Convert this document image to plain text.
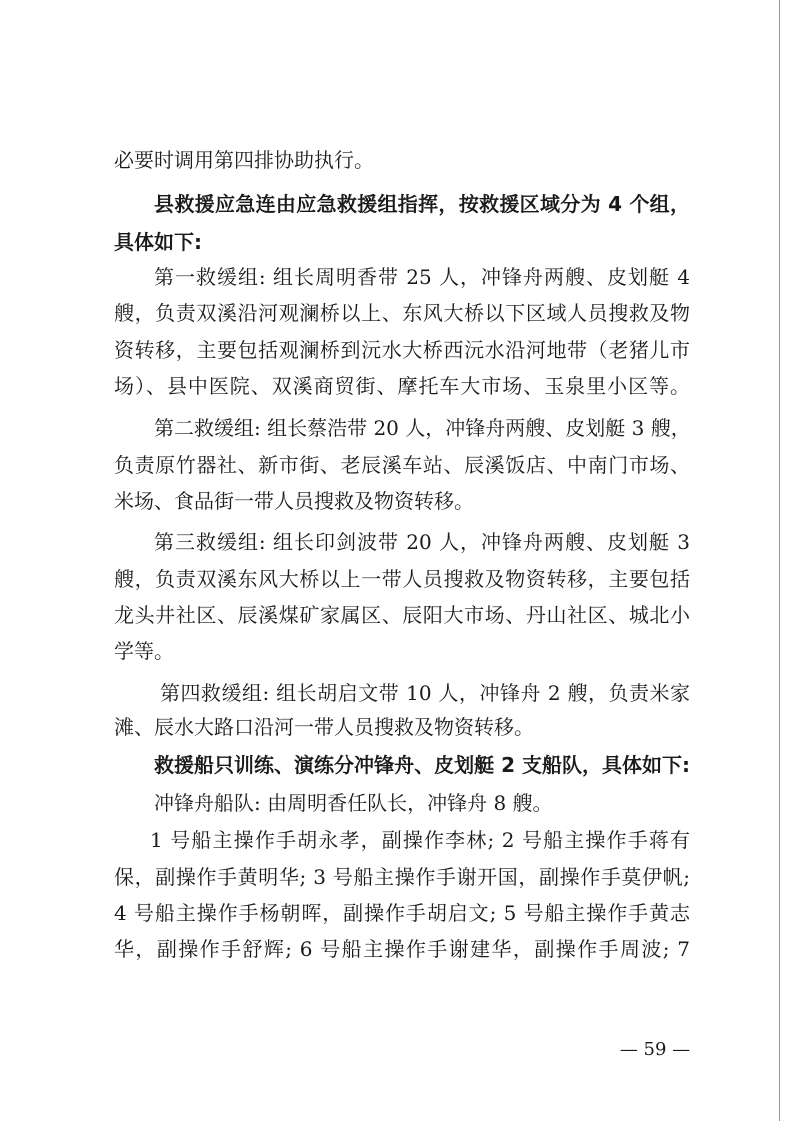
必要时调用第四排协助执行。
县救援应急连由应急救援组指挥，按救援区域分为 4 个组，
具体如下:
第一救缓组: 组长周明香带 25 人，冲锋舟两艘、皮划艇 4
艘，负责双溪沿河观澜桥以上、东风大桥以下区域人员搜救及物
资转移，主要包括观澜桥到沅水大桥西沅水沿河地带（老猪儿市
场）、县中医院、双溪商贸街、摩托车大市场、玉泉里小区等。
第二救缓组: 组长蔡浩带 20 人，冲锋舟两艘、皮划艇 3 艘，
负责原竹器社、新市街、老辰溪车站、辰溪饭店、中南门市场、
米场、食品街一带人员搜救及物资转移。
第三救缓组: 组长印剑波带 20 人，冲锋舟两艘、皮划艇 3
艘，负责双溪东风大桥以上一带人员搜救及物资转移，主要包括
龙头井社区、辰溪煤矿家属区、辰阳大市场、丹山社区、城北小
学等。
第四救缓组: 组长胡启文带 10 人，冲锋舟 2 艘，负责米家
滩、辰水大路口沿河一带人员搜救及物资转移。
救援船只训练、演练分冲锋舟、皮划艇 2 支船队，具体如下:
冲锋舟船队: 由周明香任队长，冲锋舟 8 艘。
1 号船主操作手胡永孝，副操作李林; 2 号船主操作手蒋有
保，副操作手黄明华; 3 号船主操作手谢开国，副操作手莫伊帆;
4 号船主操作手杨朝晖，副操作手胡启文; 5 号船主操作手黄志
华，副操作手舒辉; 6 号船主操作手谢建华，副操作手周波; 7
— 59 —
